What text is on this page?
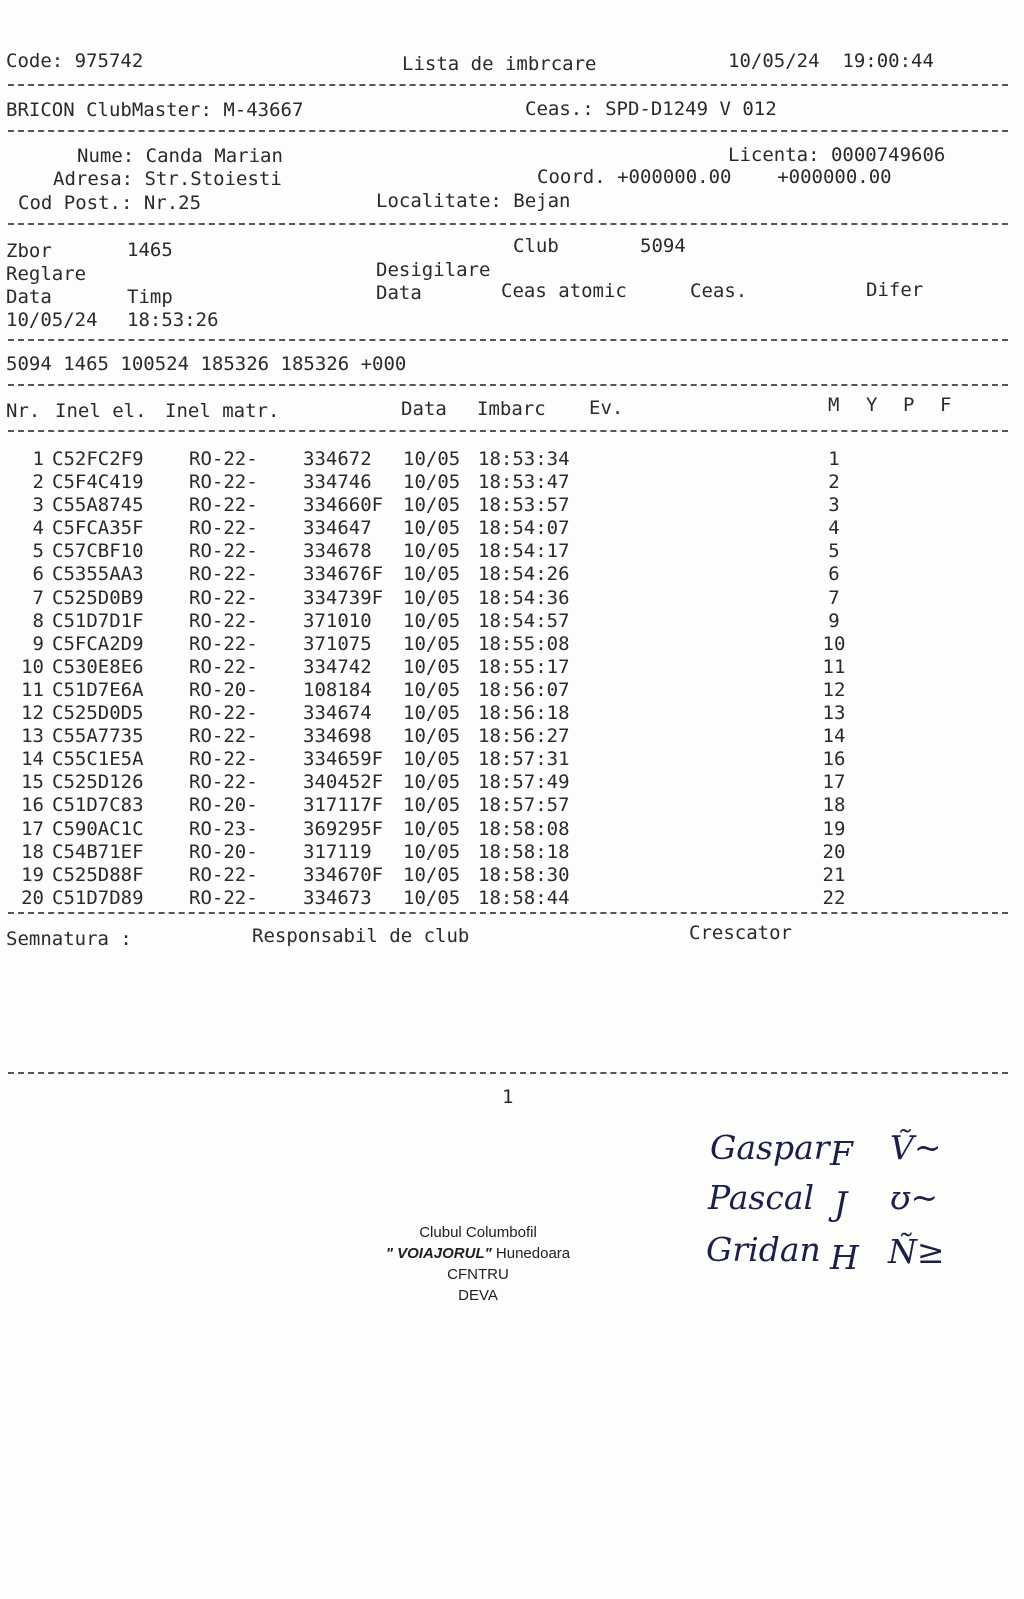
Code: 975742	Lista de imbrcare	10/05/24  19:00:44
BRICON ClubMaster: M-43667	Ceas.: SPD-D1249 V 012
Nume: Canda Marian	Licenta: 0000749606
Adresa: Str.Stoiesti	Coord. +000000.00    +000000.00
Cod Post.: Nr.25	Localitate: Bejan
Zbor	1465	Club	5094
Reglare	Desigilare
Data	Timp	Data	Ceas atomic	Ceas.	Difer
10/05/24 18:53:26
5094 1465 100524 185326 185326 +000
Nr. Inel el. Inel matr.	Data Imbarc Ev.	M Y P F
1	C52FC2F9	RO-22-	334672	10/05	18:53:34	1
2	C5F4C419	RO-22-	334746	10/05	18:53:47	2
3	C55A8745	RO-22-	334660F	10/05	18:53:57	3
4	C5FCA35F	RO-22-	334647	10/05	18:54:07	4
5	C57CBF10	RO-22-	334678	10/05	18:54:17	5
6	C5355AA3	RO-22-	334676F	10/05	18:54:26	6
7	C525D0B9	RO-22-	334739F	10/05	18:54:36	7
8	C51D7D1F	RO-22-	371010	10/05	18:54:57	9
9	C5FCA2D9	RO-22-	371075	10/05	18:55:08	10
10	C530E8E6	RO-22-	334742	10/05	18:55:17	11
11	C51D7E6A	RO-20-	108184	10/05	18:56:07	12
12	C525D0D5	RO-22-	334674	10/05	18:56:18	13
13	C55A7735	RO-22-	334698	10/05	18:56:27	14
14	C55C1E5A	RO-22-	334659F	10/05	18:57:31	16
15	C525D126	RO-22-	340452F	10/05	18:57:49	17
16	C51D7C83	RO-20-	317117F	10/05	18:57:57	18
17	C590AC1C	RO-23-	369295F	10/05	18:58:08	19
18	C54B71EF	RO-20-	317119	10/05	18:58:18	20
19	C525D88F	RO-22-	334670F	10/05	18:58:30	21
20	C51D7D89	RO-22-	334673	10/05	18:58:44	22
Semnatura :	Responsabil de club	Crescator
1
Clubul Columbofil
" VOIAJORUL" Hunedoara
CFNTRU
DEVA
Gaspar F Ṽ~
Pascal J ʊ~
Gridan H Ñ≥
